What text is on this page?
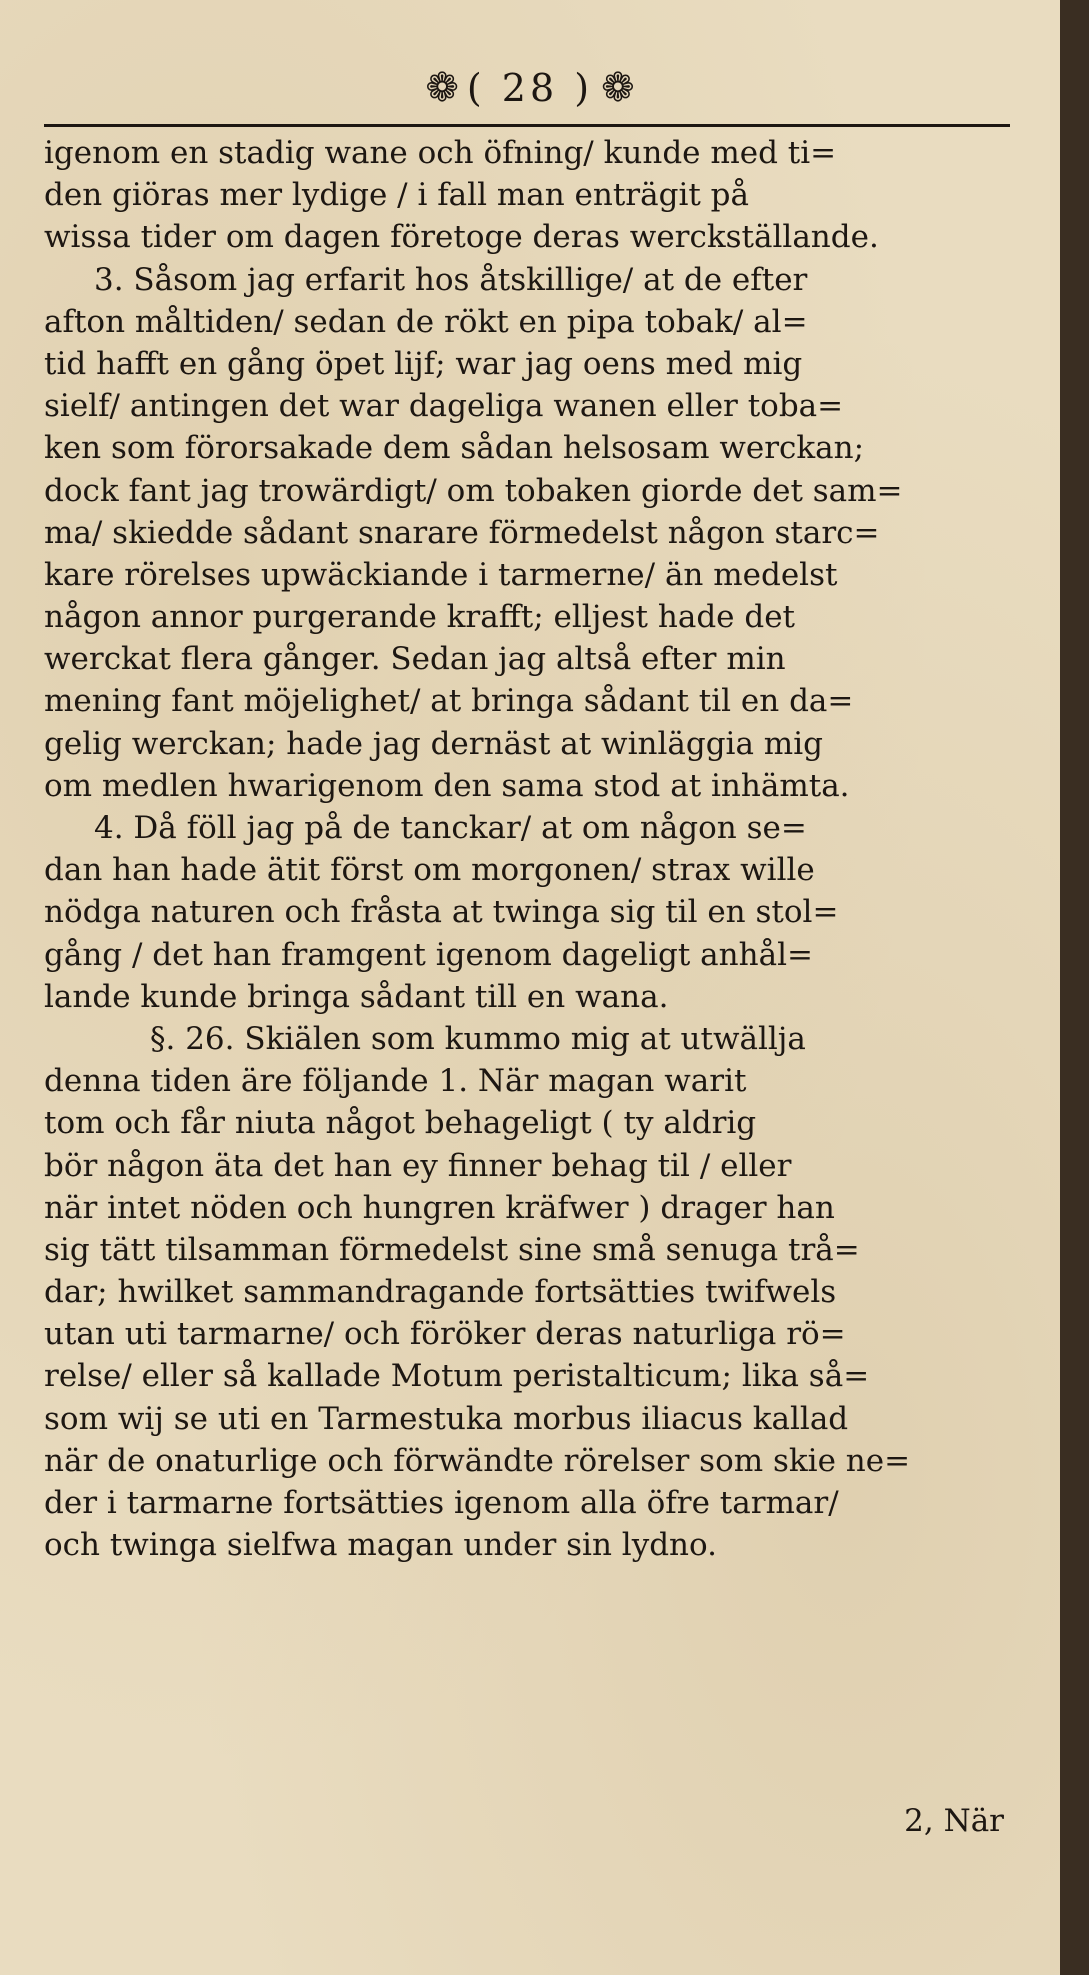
❁ ( 28 ) ❁
igenom en stadig wane och öfning/ kunde med ti=
den giöras mer lydige / i fall man enträgit på
wissa tider om dagen företoge deras werckställande.
3. Såsom jag erfarit hos åtskillige/ at de efter
afton måltiden/ sedan de rökt en pipa tobak/ al=
tid hafft en gång öpet lijf; war jag oens med mig
sielf/ antingen det war dageliga wanen eller toba=
ken som förorsakade dem sådan helsosam werckan;
dock fant jag trowärdigt/ om tobaken giorde det sam=
ma/ skiedde sådant snarare förmedelst någon starc=
kare rörelses upwäckiande i tarmerne/ än medelst
någon annor purgerande krafft; elljest hade det
werckat flera gånger. Sedan jag altså efter min
mening fant möjelighet/ at bringa sådant til en da=
gelig werckan; hade jag dernäst at winläggia mig
om medlen hwarigenom den sama stod at inhämta.
4. Då föll jag på de tanckar/ at om någon se=
dan han hade ätit först om morgonen/ strax wille
nödga naturen och fråsta at twinga sig til en stol=
gång / det han framgent igenom dageligt anhål=
lande kunde bringa sådant till en wana.
§. 26. Skiälen som kummo mig at utwällja
denna tiden äre följande 1. När magan warit
tom och får niuta något behageligt ( ty aldrig
bör någon äta det han ey finner behag til / eller
när intet nöden och hungren kräfwer ) drager han
sig tätt tilsamman förmedelst sine små senuga trå=
dar; hwilket sammandragande fortsätties twifwels
utan uti tarmarne/ och föröker deras naturliga rö=
relse/ eller så kallade Motum peristalticum; lika så=
som wij se uti en Tarmestuka morbus iliacus kallad
när de onaturlige och förwändte rörelser som skie ne=
der i tarmarne fortsätties igenom alla öfre tarmar/
och twinga sielfwa magan under sin lydno.
2, När
